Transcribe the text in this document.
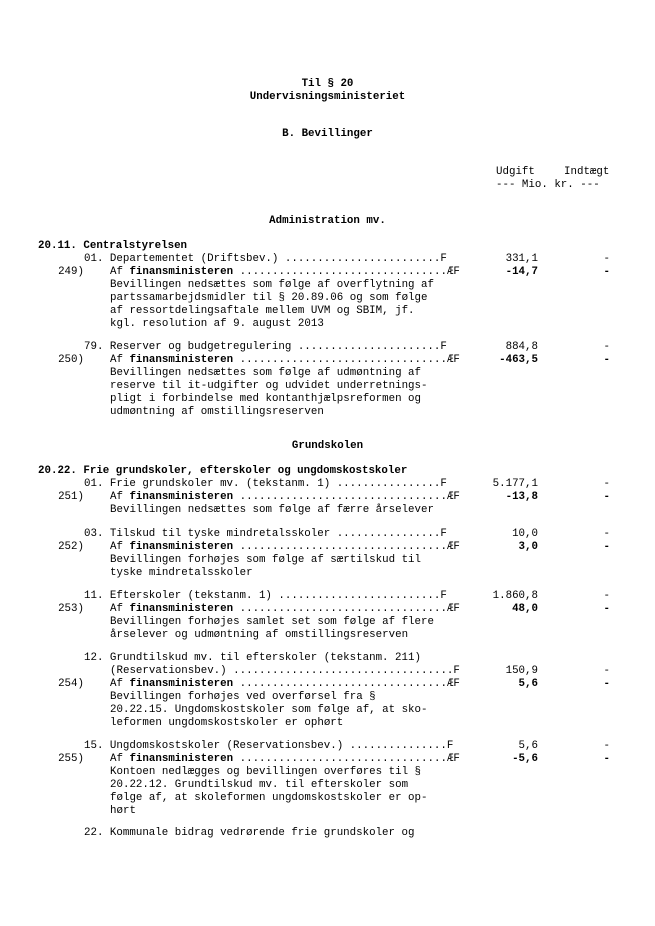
Til § 20
Undervisningsministeriet
B. Bevillinger
Udgift	Indtægt
--- Mio. kr. ---
Administration mv.
20.11. Centralstyrelsen
01. Departementet (Driftsbev.) ........................F	331,1	-
249) Af finansministeren ................................ÆF	-14,7	-
Bevillingen nedsættes som følge af overflytning af
partssamarbejdsmidler til § 20.89.06 og som følge
af ressortdelingsaftale mellem UVM og SBIM, jf.
kgl. resolution af 9. august 2013
79. Reserver og budgetregulering ......................F	884,8	-
250) Af finansministeren ................................ÆF	-463,5	-
Bevillingen nedsættes som følge af udmøntning af
reserve til it-udgifter og udvidet underretnings-
pligt i forbindelse med kontanthjælpsreformen og
udmøntning af omstillingsreserven
Grundskolen
20.22. Frie grundskoler, efterskoler og ungdomskostskoler
01. Frie grundskoler mv. (tekstanm. 1) ................F	5.177,1	-
251) Af finansministeren ................................ÆF	-13,8	-
Bevillingen nedsættes som følge af færre årselever
03. Tilskud til tyske mindretalsskoler ................F	10,0	-
252) Af finansministeren ................................ÆF	3,0	-
Bevillingen forhøjes som følge af særtilskud til
tyske mindretalsskoler
11. Efterskoler (tekstanm. 1) .........................F	1.860,8	-
253) Af finansministeren ................................ÆF	48,0	-
Bevillingen forhøjes samlet set som følge af flere
årselever og udmøntning af omstillingsreserven
12. Grundtilskud mv. til efterskoler (tekstanm. 211)
(Reservationsbev.) ..................................F	150,9	-
254) Af finansministeren ................................ÆF	5,6	-
Bevillingen forhøjes ved overførsel fra §
20.22.15. Ungdomskostskoler som følge af, at sko-
leformen ungdomskostskoler er ophørt
15. Ungdomskostskoler (Reservationsbev.) ...............F	5,6	-
255) Af finansministeren ................................ÆF	-5,6	-
Kontoen nedlægges og bevillingen overføres til §
20.22.12. Grundtilskud mv. til efterskoler som
følge af, at skoleformen ungdomskostskoler er op-
hørt
22. Kommunale bidrag vedrørende frie grundskoler og
